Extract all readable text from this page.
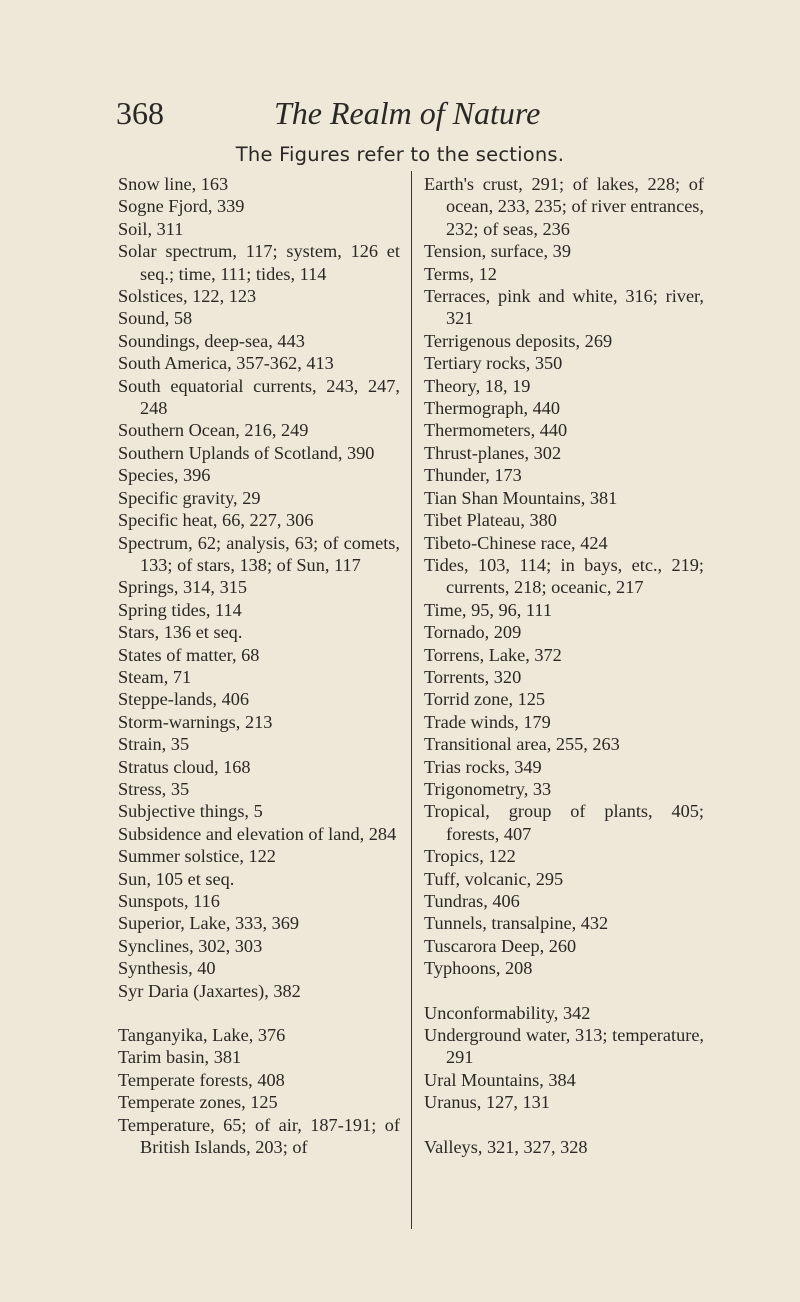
368	The Realm of Nature
The Figures refer to the sections.

Snow line, 163

Sogne Fjord, 339

Soil, 311

Solar spectrum, 117; system, 126 et seq.; time, 111; tides, 114

Solstices, 122, 123

Sound, 58

Soundings, deep-sea, 443

South America, 357-362, 413

South equatorial currents, 243, 247, 248

Southern Ocean, 216, 249

Southern Uplands of Scotland, 390

Species, 396

Specific gravity, 29

Specific heat, 66, 227, 306

Spectrum, 62; analysis, 63; of comets, 133; of stars, 138; of Sun, 117

Springs, 314, 315

Spring tides, 114

Stars, 136 et seq.

States of matter, 68

Steam, 71

Steppe-lands, 406

Storm-warnings, 213

Strain, 35

Stratus cloud, 168

Stress, 35

Subjective things, 5

Subsidence and elevation of land, 284

Summer solstice, 122

Sun, 105 et seq.

Sunspots, 116

Superior, Lake, 333, 369

Synclines, 302, 303

Synthesis, 40

Syr Daria (Jaxartes), 382

Tanganyika, Lake, 376

Tarim basin, 381

Temperate forests, 408

Temperate zones, 125

Temperature, 65; of air, 187-191; of British Islands, 203; of

Earth's crust, 291; of lakes, 228; of ocean, 233, 235; of river entrances, 232; of seas, 236

Tension, surface, 39

Terms, 12

Terraces, pink and white, 316; river, 321

Terrigenous deposits, 269

Tertiary rocks, 350

Theory, 18, 19

Thermograph, 440

Thermometers, 440

Thrust-planes, 302

Thunder, 173

Tian Shan Mountains, 381

Tibet Plateau, 380

Tibeto-Chinese race, 424

Tides, 103, 114; in bays, etc., 219; currents, 218; oceanic, 217

Time, 95, 96, 111

Tornado, 209

Torrens, Lake, 372

Torrents, 320

Torrid zone, 125

Trade winds, 179

Transitional area, 255, 263

Trias rocks, 349

Trigonometry, 33

Tropical, group of plants, 405; forests, 407

Tropics, 122

Tuff, volcanic, 295

Tundras, 406

Tunnels, transalpine, 432

Tuscarora Deep, 260

Typhoons, 208

Unconformability, 342

Underground water, 313; temperature, 291

Ural Mountains, 384

Uranus, 127, 131

Valleys, 321, 327, 328
